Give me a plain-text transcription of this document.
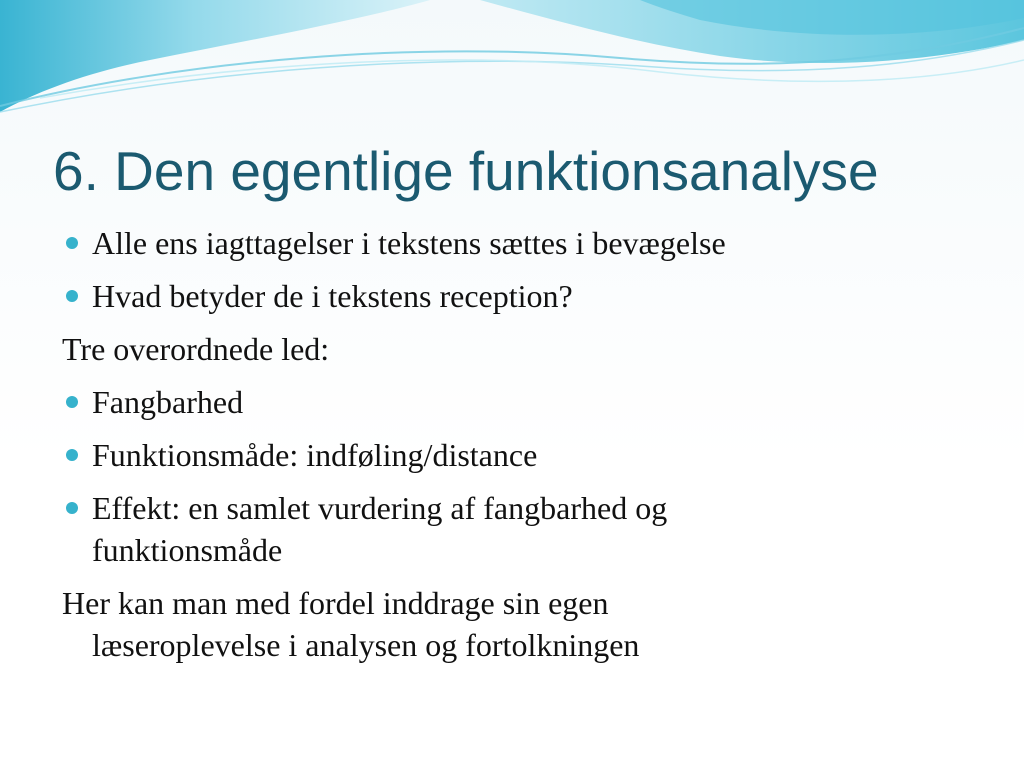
6. Den egentlige funktionsanalyse
Alle ens iagttagelser i tekstens sættes i bevægelse
Hvad betyder de i tekstens reception?
Tre overordnede led:
Fangbarhed
Funktionsmåde: indføling/distance
Effekt: en samlet vurdering af fangbarhed og funktionsmåde
Her kan man med fordel inddrage sin egen læseroplevelse i analysen og fortolkningen
